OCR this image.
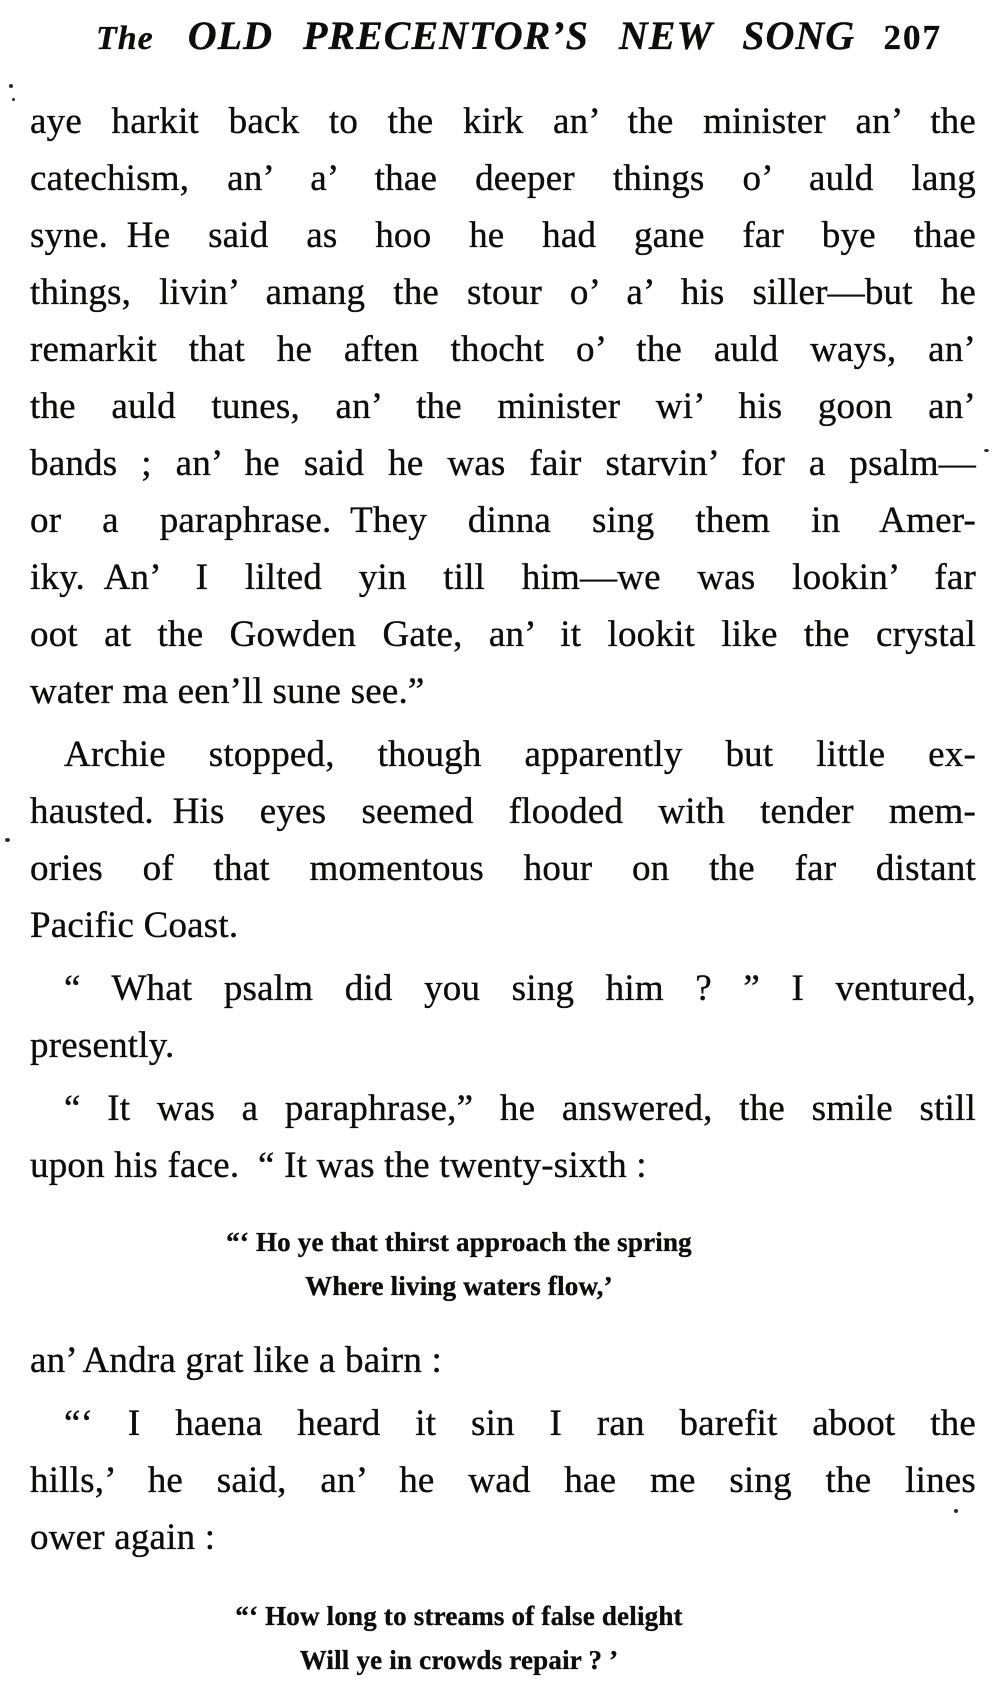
The OLD PRECENTOR’S NEW SONG 207
aye harkit back to the kirk an’ the minister an’ the
catechism, an’ a’ thae deeper things o’ auld lang
syne. He said as hoo he had gane far bye thae
things, livin’ amang the stour o’ a’ his siller—but he
remarkit that he aften thocht o’ the auld ways, an’
the auld tunes, an’ the minister wi’ his goon an’
bands ; an’ he said he was fair starvin’ for a psalm—
or a paraphrase. They dinna sing them in Amer-
iky. An’ I lilted yin till him—we was lookin’ far
oot at the Gowden Gate, an’ it lookit like the crystal
water ma een’ll sune see.”
Archie stopped, though apparently but little ex-
hausted. His eyes seemed flooded with tender mem-
ories of that momentous hour on the far distant
Pacific Coast.
“ What psalm did you sing him ? ” I ventured,
presently.
“ It was a paraphrase,” he answered, the smile still
upon his face. “ It was the twenty-sixth :
“‘ Ho ye that thirst approach the spring
Where living waters flow,’
an’ Andra grat like a bairn :
“‘ I haena heard it sin I ran barefit aboot the
hills,’ he said, an’ he wad hae me sing the lines
ower again :
“‘ How long to streams of false delight
Will ye in crowds repair ? ’
